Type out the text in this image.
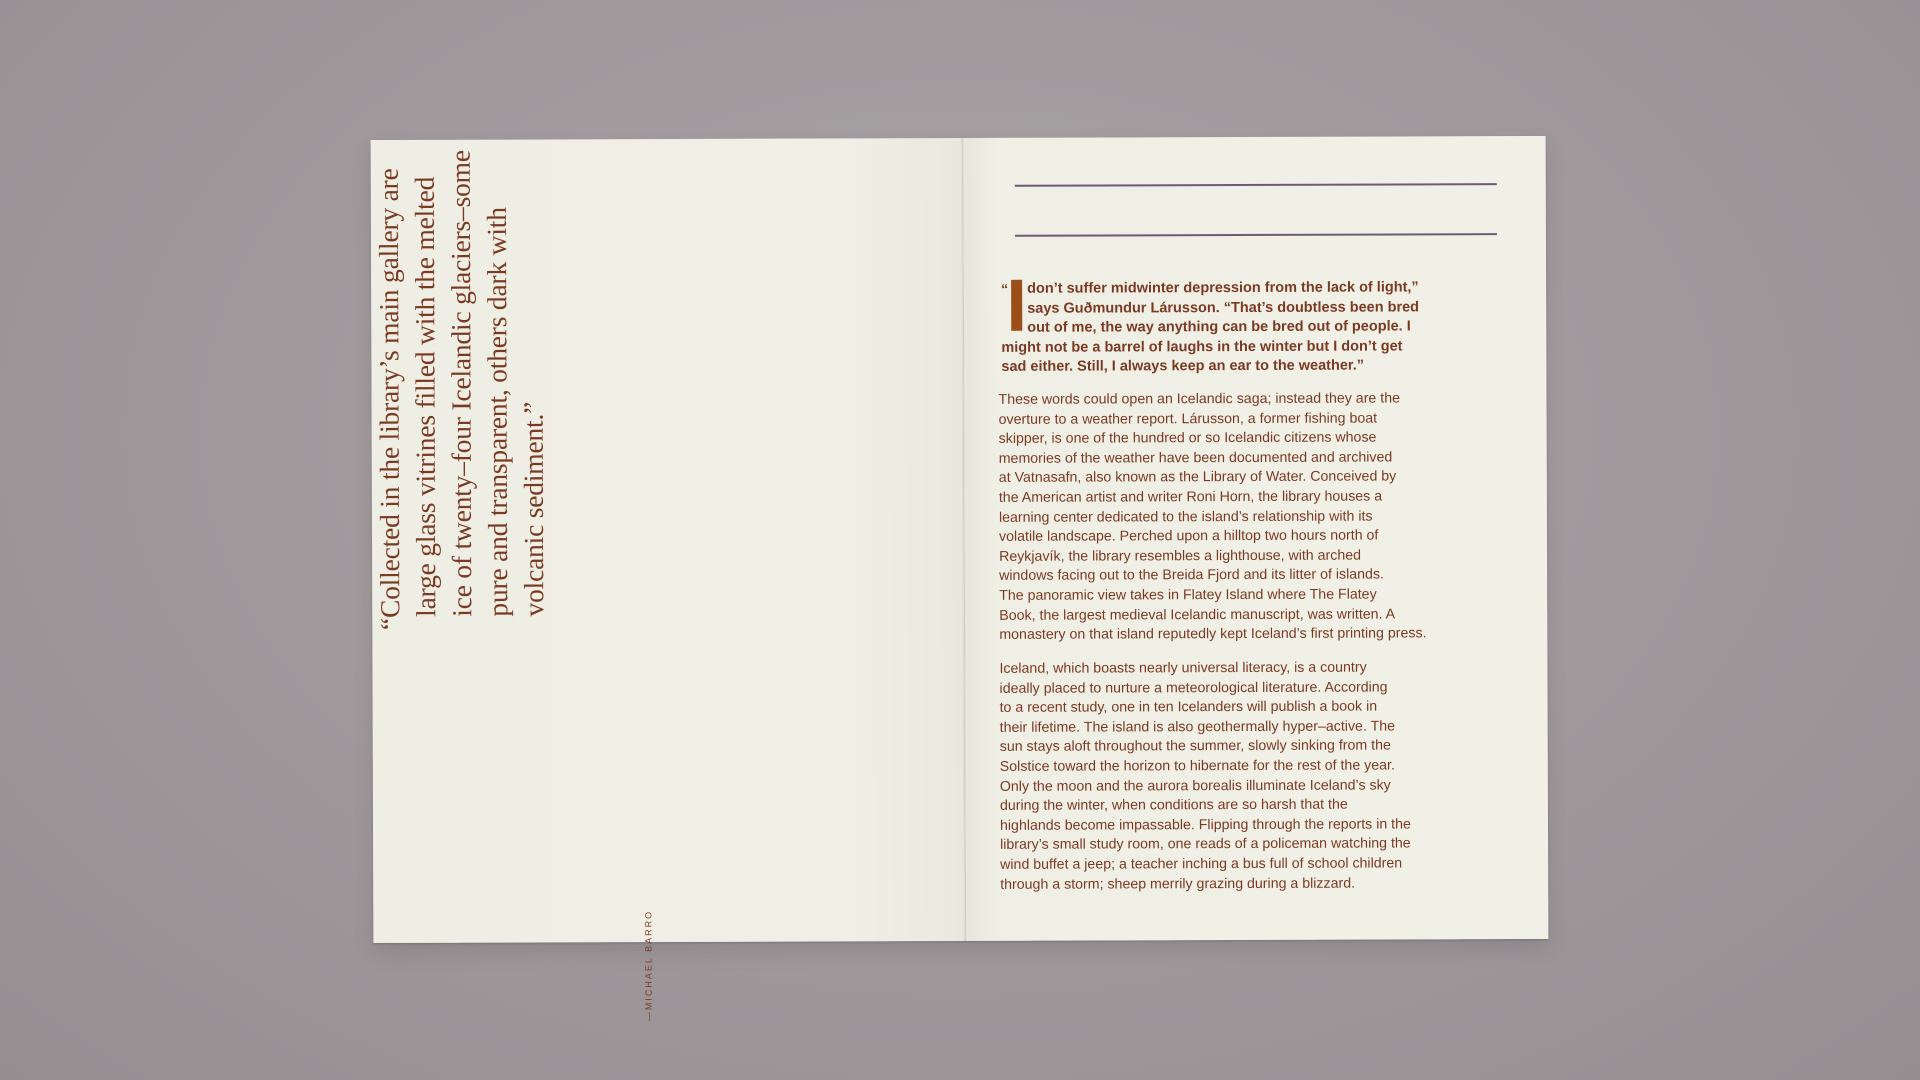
“Collected in the library’s main gallery are large glass vitrines filled with the melted ice of twenty–four Icelandic glaciers–some pure and transparent, others dark with volcanic sediment.”
—MICHAEL BARRO
“	don’t suffer midwinter depression from the lack of light,”
says Guðmundur Lárusson. “That’s doubtless been bred
out of me, the way anything can be bred out of people. I
might not be a barrel of laughs in the winter but I don’t get
sad either. Still, I always keep an ear to the weather.”
These words could open an Icelandic saga; instead they are the
overture to a weather report. Lárusson, a former fishing boat
skipper, is one of the hundred or so Icelandic citizens whose
memories of the weather have been documented and archived
at Vatnasafn, also known as the Library of Water. Conceived by
the American artist and writer Roni Horn, the library houses a
learning center dedicated to the island’s relationship with its
volatile landscape. Perched upon a hilltop two hours north of
Reykjavík, the library resembles a lighthouse, with arched
windows facing out to the Breida Fjord and its litter of islands.
The panoramic view takes in Flatey Island where The Flatey
Book, the largest medieval Icelandic manuscript, was written. A
monastery on that island reputedly kept Iceland’s first printing press.
Iceland, which boasts nearly universal literacy, is a country
ideally placed to nurture a meteorological literature. According
to a recent study, one in ten Icelanders will publish a book in
their lifetime. The island is also geothermally hyper–active. The
sun stays aloft throughout the summer, slowly sinking from the
Solstice toward the horizon to hibernate for the rest of the year.
Only the moon and the aurora borealis illuminate Iceland’s sky
during the winter, when conditions are so harsh that the
highlands become impassable. Flipping through the reports in the
library’s small study room, one reads of a policeman watching the
wind buffet a jeep; a teacher inching a bus full of school children
through a storm; sheep merrily grazing during a blizzard.
